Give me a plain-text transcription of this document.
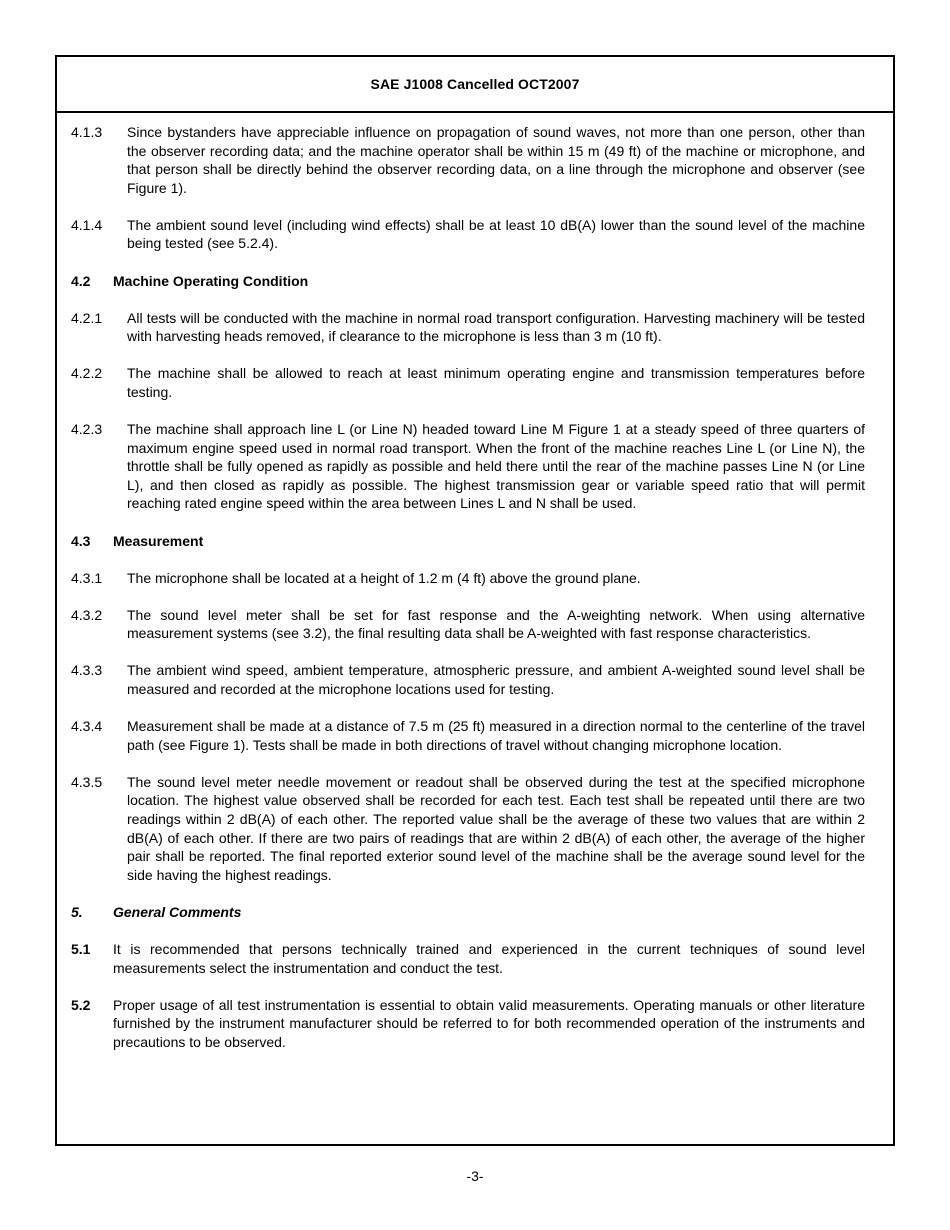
SAE J1008 Cancelled OCT2007
4.1.3	Since bystanders have appreciable influence on propagation of sound waves, not more than one person, other than the observer recording data; and the machine operator shall be within 15 m (49 ft) of the machine or microphone, and that person shall be directly behind the observer recording data, on a line through the microphone and observer (see Figure 1).
4.1.4	The ambient sound level (including wind effects) shall be at least 10 dB(A) lower than the sound level of the machine being tested (see 5.2.4).
4.2	Machine Operating Condition
4.2.1	All tests will be conducted with the machine in normal road transport configuration. Harvesting machinery will be tested with harvesting heads removed, if clearance to the microphone is less than 3 m (10 ft).
4.2.2	The machine shall be allowed to reach at least minimum operating engine and transmission temperatures before testing.
4.2.3	The machine shall approach line L (or Line N) headed toward Line M Figure 1 at a steady speed of three quarters of maximum engine speed used in normal road transport. When the front of the machine reaches Line L (or Line N), the throttle shall be fully opened as rapidly as possible and held there until the rear of the machine passes Line N (or Line L), and then closed as rapidly as possible. The highest transmission gear or variable speed ratio that will permit reaching rated engine speed within the area between Lines L and N shall be used.
4.3	Measurement
4.3.1	The microphone shall be located at a height of 1.2 m (4 ft) above the ground plane.
4.3.2	The sound level meter shall be set for fast response and the A-weighting network. When using alternative measurement systems (see 3.2), the final resulting data shall be A-weighted with fast response characteristics.
4.3.3	The ambient wind speed, ambient temperature, atmospheric pressure, and ambient A-weighted sound level shall be measured and recorded at the microphone locations used for testing.
4.3.4	Measurement shall be made at a distance of 7.5 m (25 ft) measured in a direction normal to the centerline of the travel path (see Figure 1). Tests shall be made in both directions of travel without changing microphone location.
4.3.5	The sound level meter needle movement or readout shall be observed during the test at the specified microphone location. The highest value observed shall be recorded for each test. Each test shall be repeated until there are two readings within 2 dB(A) of each other. The reported value shall be the average of these two values that are within 2 dB(A) of each other. If there are two pairs of readings that are within 2 dB(A) of each other, the average of the higher pair shall be reported. The final reported exterior sound level of the machine shall be the average sound level for the side having the highest readings.
5.	General Comments
5.1	It is recommended that persons technically trained and experienced in the current techniques of sound level measurements select the instrumentation and conduct the test.
5.2	Proper usage of all test instrumentation is essential to obtain valid measurements. Operating manuals or other literature furnished by the instrument manufacturer should be referred to for both recommended operation of the instruments and precautions to be observed.
-3-
